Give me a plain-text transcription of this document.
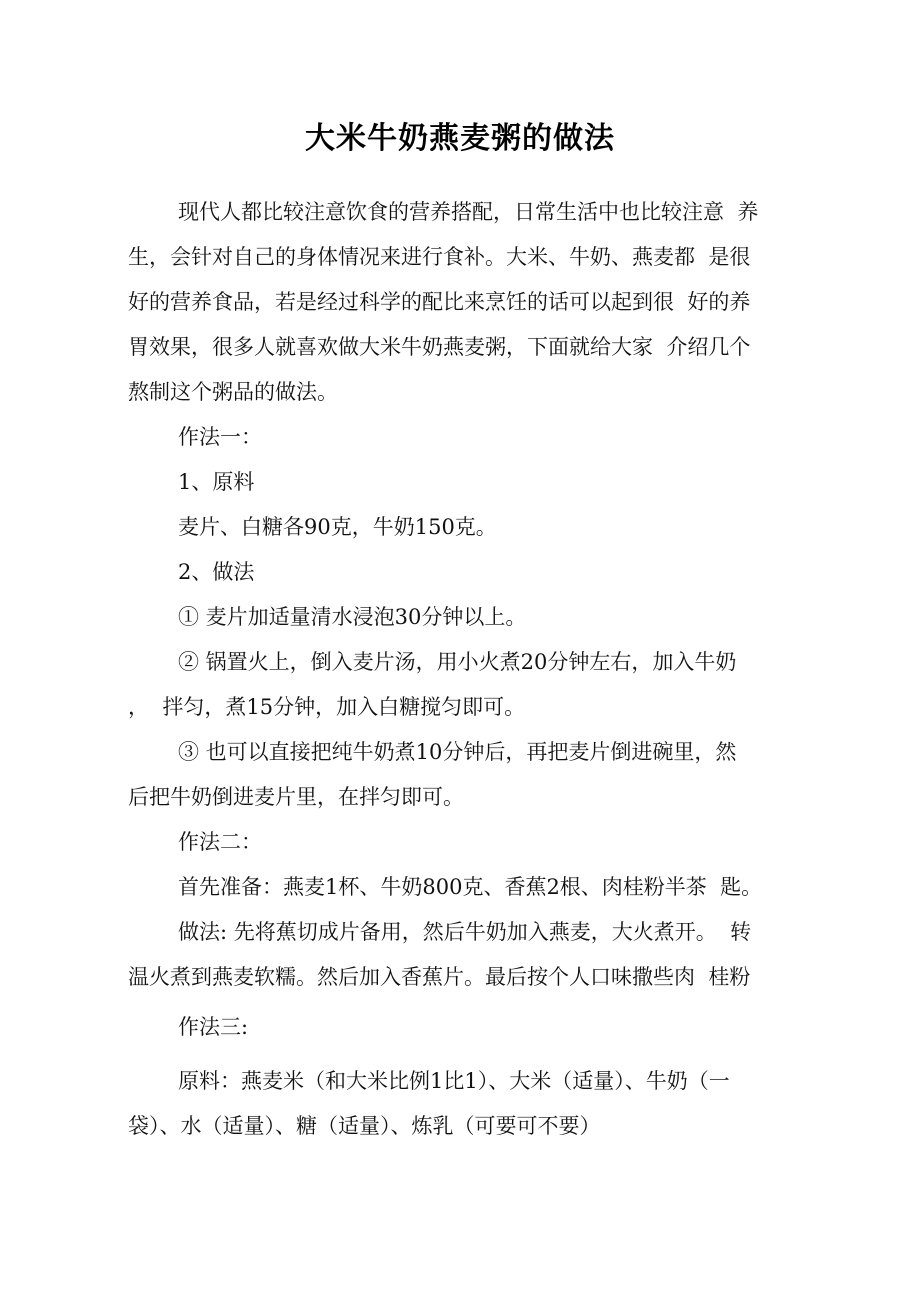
大米牛奶燕麦粥的做法
现代人都比较注意饮食的营养搭配，日常生活中也比较注意  养
生，会针对自己的身体情况来进行食补。大米、牛奶、燕麦都  是很
好的营养食品，若是经过科学的配比来烹饪的话可以起到很  好的养
胃效果，很多人就喜欢做大米牛奶燕麦粥，下面就给大家  介绍几个
熬制这个粥品的做法。
作法一：
1、原料
麦片、白糖各90克，牛奶150克。
2、做法
① 麦片加适量清水浸泡30分钟以上。
② 锅置火上，倒入麦片汤，用小火煮20分钟左右，加入牛奶
，  拌匀，煮15分钟，加入白糖搅匀即可。
③ 也可以直接把纯牛奶煮10分钟后，再把麦片倒进碗里，然
后把牛奶倒进麦片里，在拌匀即可。
作法二：
首先准备：燕麦1杯、牛奶800克、香蕉2根、肉桂粉半茶  匙。
做法: 先将蕉切成片备用，然后牛奶加入燕麦，大火煮开。  转
温火煮到燕麦软糯。然后加入香蕉片。最后按个人口味撒些肉  桂粉
作法三:
原料：燕麦米（和大米比例1比1）、大米（适量）、牛奶（一
袋）、水（适量）、糖（适量）、炼乳（可要可不要）
